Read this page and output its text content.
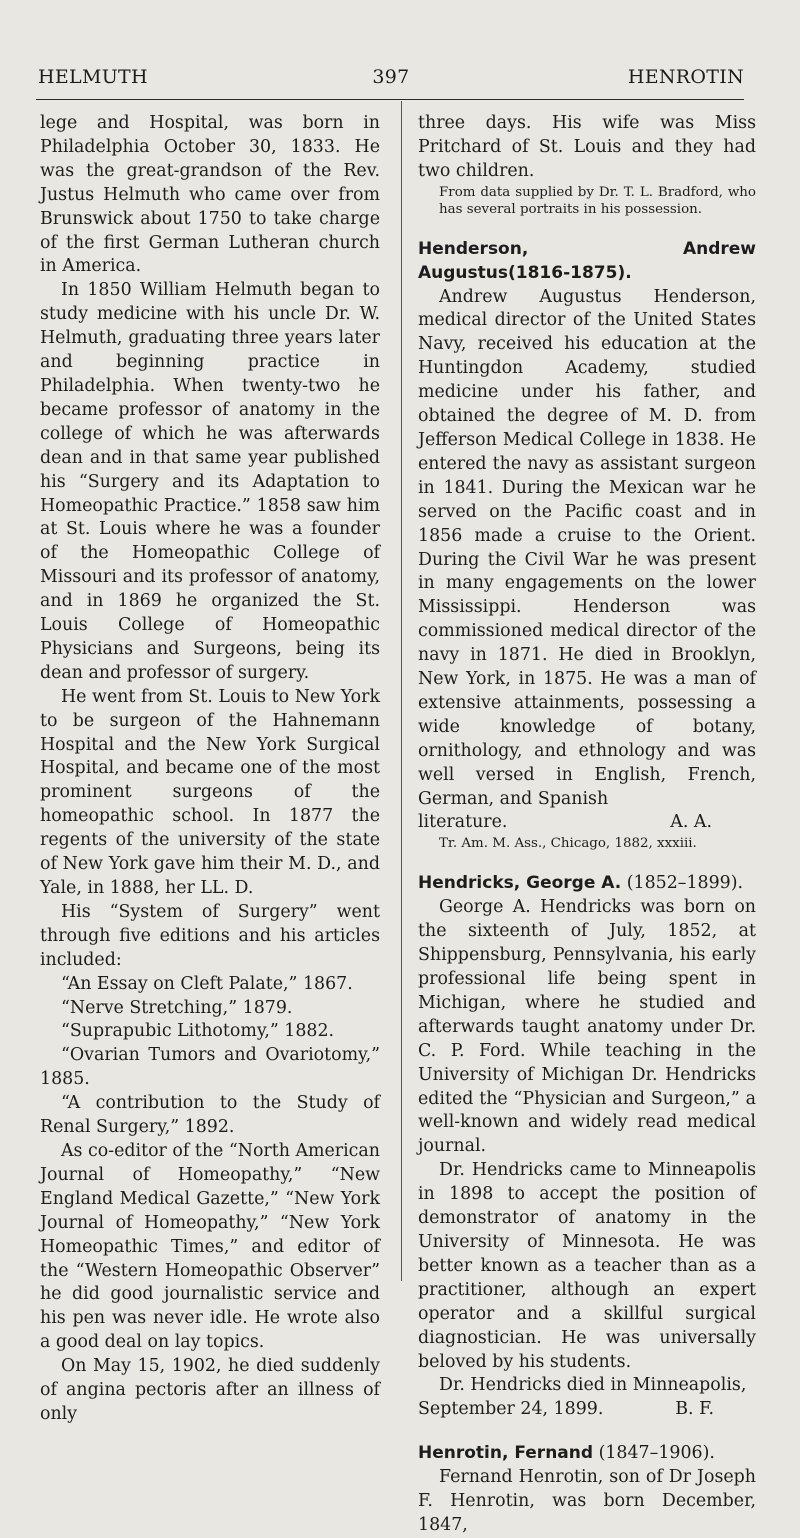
HELMUTH	397	HENROTIN

lege and Hospital, was born in Philadelphia October 30, 1833. He was the great-grandson of the Rev. Justus Helmuth who came over from Brunswick about 1750 to take charge of the first German Lutheran church in America.

In 1850 William Helmuth began to study medicine with his uncle Dr. W. Helmuth, graduating three years later and beginning practice in Philadelphia. When twenty-two he became professor of anatomy in the college of which he was afterwards dean and in that same year published his “Surgery and its Adaptation to Homeopathic Practice.” 1858 saw him at St. Louis where he was a founder of the Homeopathic College of Missouri and its professor of anatomy, and in 1869 he organized the St. Louis College of Homeopathic Physicians and Surgeons, being its dean and professor of surgery.

He went from St. Louis to New York to be surgeon of the Hahnemann Hospital and the New York Surgical Hospital, and became one of the most prominent surgeons of the homeopathic school. In 1877 the regents of the university of the state of New York gave him their M. D., and Yale, in 1888, her LL. D.

His “System of Surgery” went through five editions and his articles included:

“An Essay on Cleft Palate,” 1867.

“Nerve Stretching,” 1879.

“Suprapubic Lithotomy,” 1882.

“Ovarian Tumors and Ovariotomy,” 1885.

“A contribution to the Study of Renal Surgery,” 1892.

As co-editor of the “North American Journal of Homeopathy,” “New England Medical Gazette,” “New York Journal of Homeopathy,” “New York Homeopathic Times,” and editor of the “Western Homeopathic Observer” he did good journalistic service and his pen was never idle. He wrote also a good deal on lay topics.

On May 15, 1902, he died suddenly of angina pectoris after an illness of only

three days. His wife was Miss Pritchard of St. Louis and they had two children.

From data supplied by Dr. T. L. Bradford, who has several portraits in his possession.

Henderson, Andrew Augustus(1816-1875).

Andrew Augustus Henderson, medical director of the United States Navy, received his education at the Huntingdon Academy, studied medicine under his father, and obtained the degree of M. D. from Jefferson Medical College in 1838. He entered the navy as assistant surgeon in 1841. During the Mexican war he served on the Pacific coast and in 1856 made a cruise to the Orient. During the Civil War he was present in many engagements on the lower Mississippi. Henderson was commissioned medical director of the navy in 1871. He died in Brooklyn, New York, in 1875. He was a man of extensive attainments, possessing a wide knowledge of botany, ornithology, and ethnology and was well versed in English, French, German, and Spanish

literature.	A. A.

Tr. Am. M. Ass., Chicago, 1882, xxxiii.

Hendricks, George A. (1852–1899).

George A. Hendricks was born on the sixteenth of July, 1852, at Shippensburg, Pennsylvania, his early professional life being spent in Michigan, where he studied and afterwards taught anatomy under Dr. C. P. Ford. While teaching in the University of Michigan Dr. Hendricks edited the “Physician and Surgeon,” a well-known and widely read medical journal.

Dr. Hendricks came to Minneapolis in 1898 to accept the position of demonstrator of anatomy in the University of Minnesota. He was better known as a teacher than as a practitioner, although an expert operator and a skillful surgical diagnostician. He was universally beloved by his students.

Dr. Hendricks died in Minneapolis,

September 24, 1899.	B. F.

Henrotin, Fernand (1847–1906).

Fernand Henrotin, son of Dr Joseph F. Henrotin, was born December, 1847,
